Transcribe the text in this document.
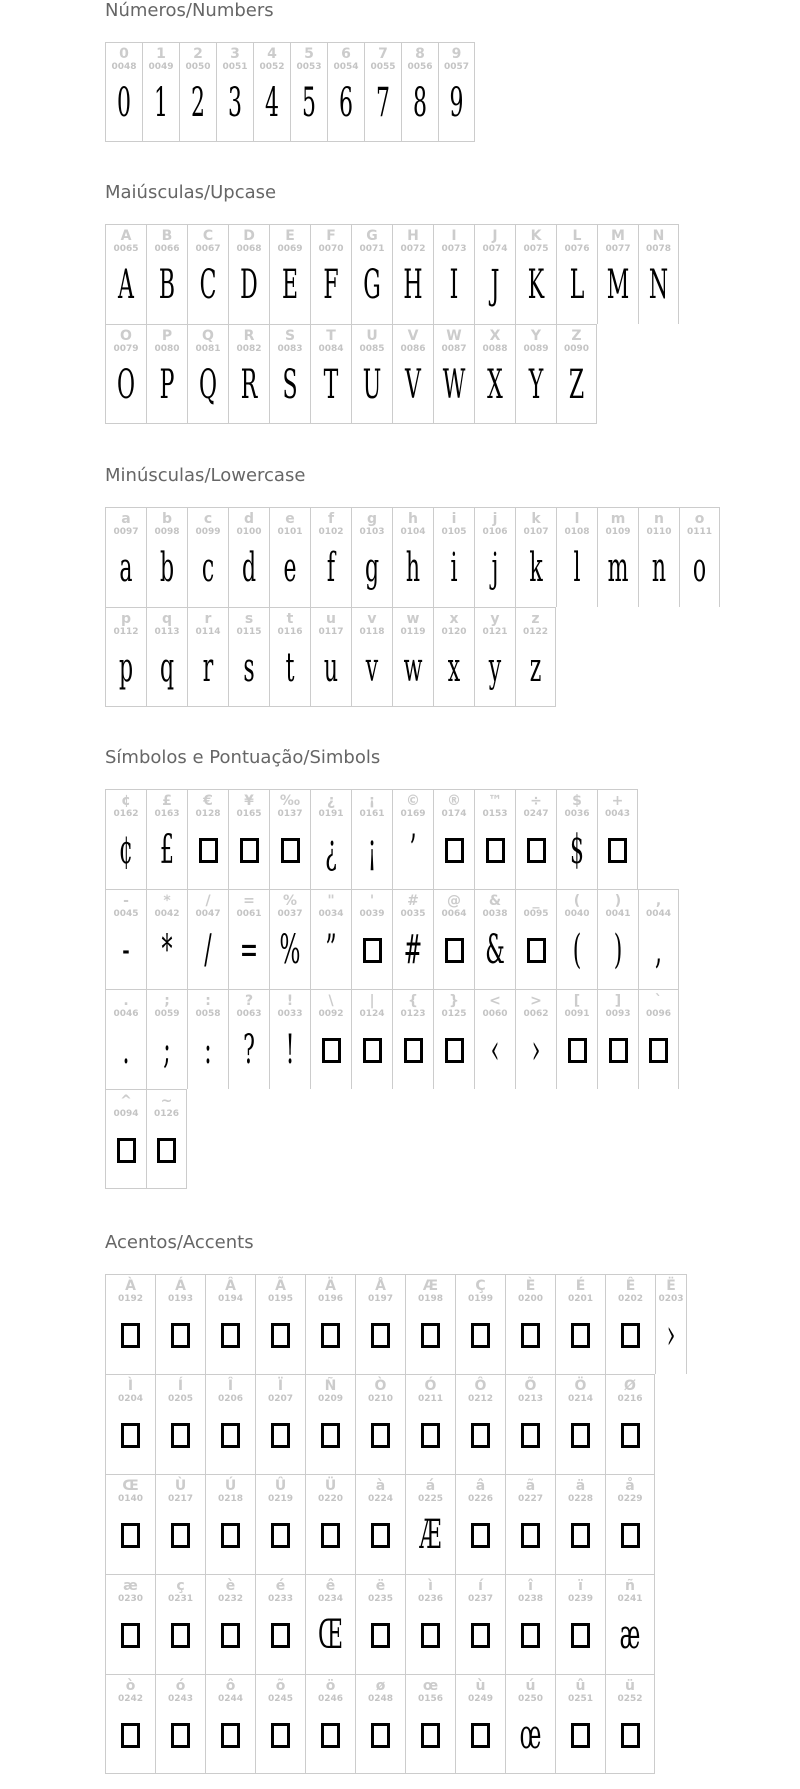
Números/Numbers
0
0048
0
1
0049
1
2
0050
2
3
0051
3
4
0052
4
5
0053
5
6
0054
6
7
0055
7
8
0056
8
9
0057
9
Maiúsculas/Upcase
A
0065
A
B
0066
B
C
0067
C
D
0068
D
E
0069
E
F
0070
F
G
0071
G
H
0072
H
I
0073
I
J
0074
J
K
0075
K
L
0076
L
M
0077
M
N
0078
N
O
0079
O
P
0080
P
Q
0081
Q
R
0082
R
S
0083
S
T
0084
T
U
0085
U
V
0086
V
W
0087
W
X
0088
X
Y
0089
Y
Z
0090
Z
Minúsculas/Lowercase
a
0097
a
b
0098
b
c
0099
c
d
0100
d
e
0101
e
f
0102
f
g
0103
g
h
0104
h
i
0105
i
j
0106
j
k
0107
k
l
0108
l
m
0109
m
n
0110
n
o
0111
o
p
0112
p
q
0113
q
r
0114
r
s
0115
s
t
0116
t
u
0117
u
v
0118
v
w
0119
w
x
0120
x
y
0121
y
z
0122
z
Símbolos e Pontuação/Simbols
¢
0162
¢
£
0163
£
€
0128
¥
0165
‰
0137
¿
0191
¿
¡
0161
¡
©
0169
’
®
0174
™
0153
÷
0247
$
0036
$
+
0043
-
0045
-
*
0042
*
/
0047
/
=
0061
=
%
0037
%
"
0034
”
'
0039
#
0035
#
@
0064
&
0038
&
_
0095
(
0040
(
)
0041
)
,
0044
,
.
0046
.
;
0059
;
:
0058
:
?
0063
?
!
0033
!
\
0092
|
0124
{
0123
}
0125
<
0060
‹
>
0062
›
[
0091
]
0093
`
0096
^
0094
~
0126
Acentos/Accents
À
0192
Á
0193
Â
0194
Ã
0195
Ä
0196
Å
0197
Æ
0198
Ç
0199
È
0200
É
0201
Ê
0202
Ë
0203
›
Ì
0204
Í
0205
Î
0206
Ï
0207
Ñ
0209
Ò
0210
Ó
0211
Ô
0212
Õ
0213
Ö
0214
Ø
0216
Œ
0140
Ù
0217
Ú
0218
Û
0219
Ü
0220
à
0224
á
0225
Æ
â
0226
ã
0227
ä
0228
å
0229
æ
0230
ç
0231
è
0232
é
0233
ê
0234
Œ
ë
0235
ì
0236
í
0237
î
0238
ï
0239
ñ
0241
æ
ò
0242
ó
0243
ô
0244
õ
0245
ö
0246
ø
0248
œ
0156
ù
0249
ú
0250
œ
û
0251
ü
0252
